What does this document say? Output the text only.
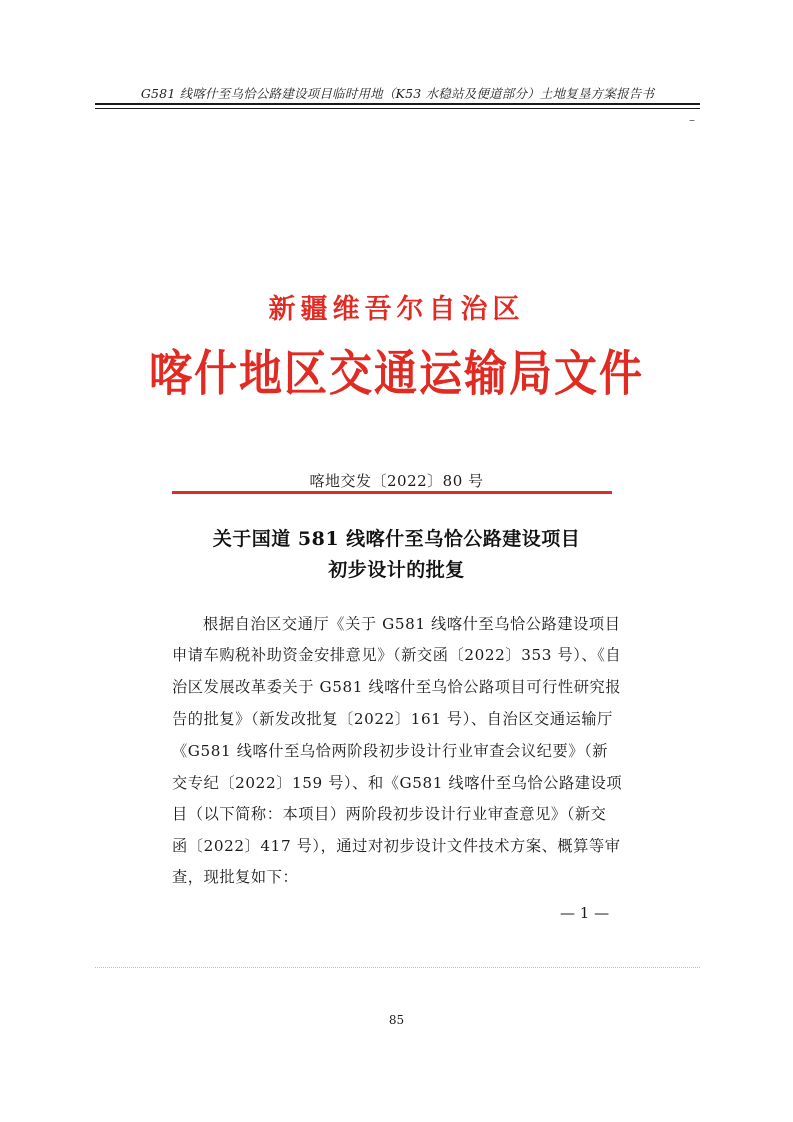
G581 线喀什至乌恰公路建设项目临时用地（K53 水稳站及便道部分）土地复垦方案报告书
–
新疆维吾尔自治区
喀什地区交通运输局文件
喀地交发〔2022〕80 号
关于国道 581 线喀什至乌恰公路建设项目
初步设计的批复
根据自治区交通厅《关于 G581 线喀什至乌恰公路建设项目
申请车购税补助资金安排意见》（新交函〔2022〕353 号）、《自
治区发展改革委关于 G581 线喀什至乌恰公路项目可行性研究报
告的批复》（新发改批复〔2022〕161 号）、自治区交通运输厅
《G581 线喀什至乌恰两阶段初步设计行业审查会议纪要》（新
交专纪〔2022〕159 号）、和《G581 线喀什至乌恰公路建设项
目（以下简称：本项目）两阶段初步设计行业审查意见》（新交
函〔2022〕417 号），通过对初步设计文件技术方案、概算等审
查，现批复如下：
— 1 —
85
